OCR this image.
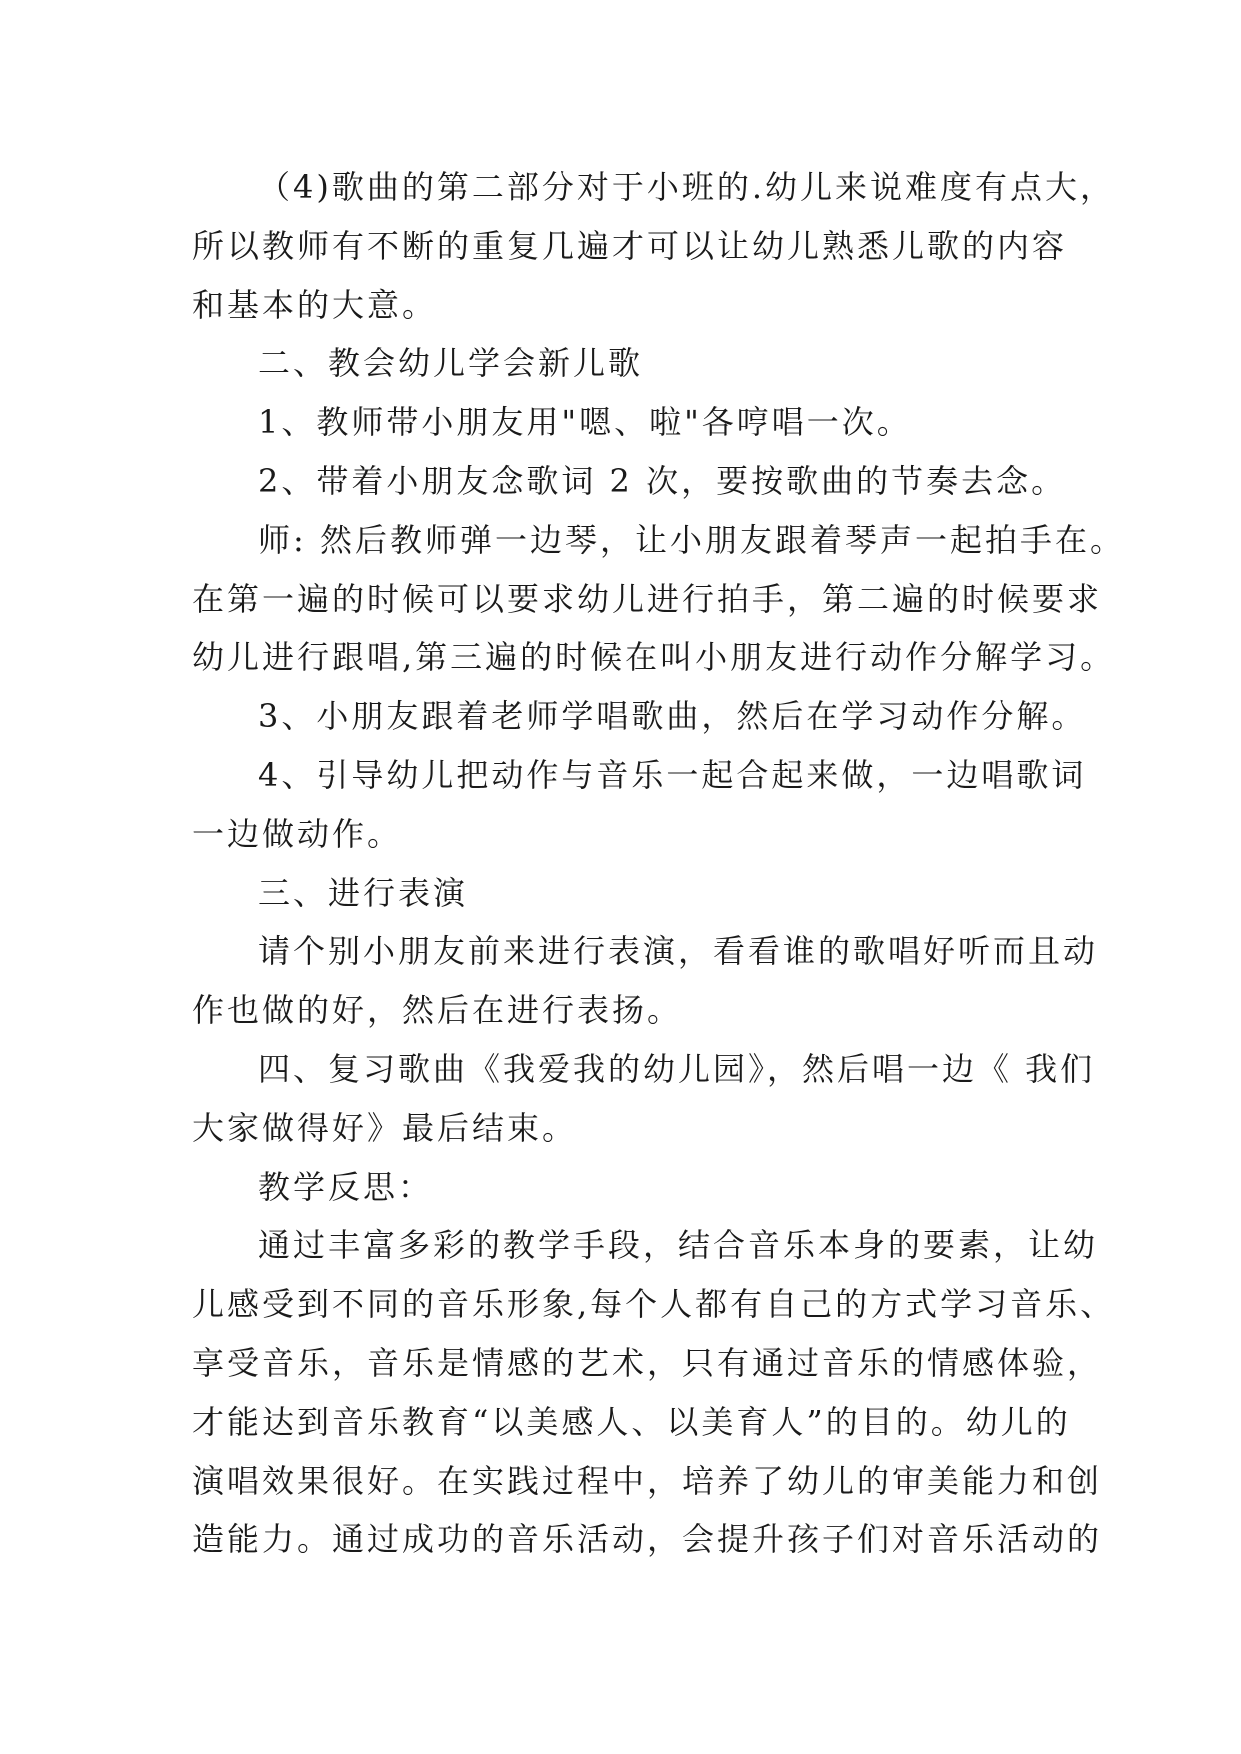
（4)歌曲的第二部分对于小班的.幼儿来说难度有点大，
所以教师有不断的重复几遍才可以让幼儿熟悉儿歌的内容
和基本的大意。
二、教会幼儿学会新儿歌
1、教师带小朋友用"嗯、啦"各哼唱一次。
2、带着小朋友念歌词 2 次，要按歌曲的节奏去念。
师: 然后教师弹一边琴，让小朋友跟着琴声一起拍手在。
在第一遍的时候可以要求幼儿进行拍手，第二遍的时候要求
幼儿进行跟唱,第三遍的时候在叫小朋友进行动作分解学习。
3、小朋友跟着老师学唱歌曲，然后在学习动作分解。
4、引导幼儿把动作与音乐一起合起来做，一边唱歌词
一边做动作。
三、进行表演
请个别小朋友前来进行表演，看看谁的歌唱好听而且动
作也做的好，然后在进行表扬。
四、复习歌曲《我爱我的幼儿园》，然后唱一边《 我们
大家做得好》最后结束。
教学反思：
通过丰富多彩的教学手段，结合音乐本身的要素，让幼
儿感受到不同的音乐形象,每个人都有自己的方式学习音乐、
享受音乐，音乐是情感的艺术，只有通过音乐的情感体验，
才能达到音乐教育“以美感人、以美育人”的目的。幼儿的
演唱效果很好。在实践过程中，培养了幼儿的审美能力和创
造能力。通过成功的音乐活动，会提升孩子们对音乐活动的
